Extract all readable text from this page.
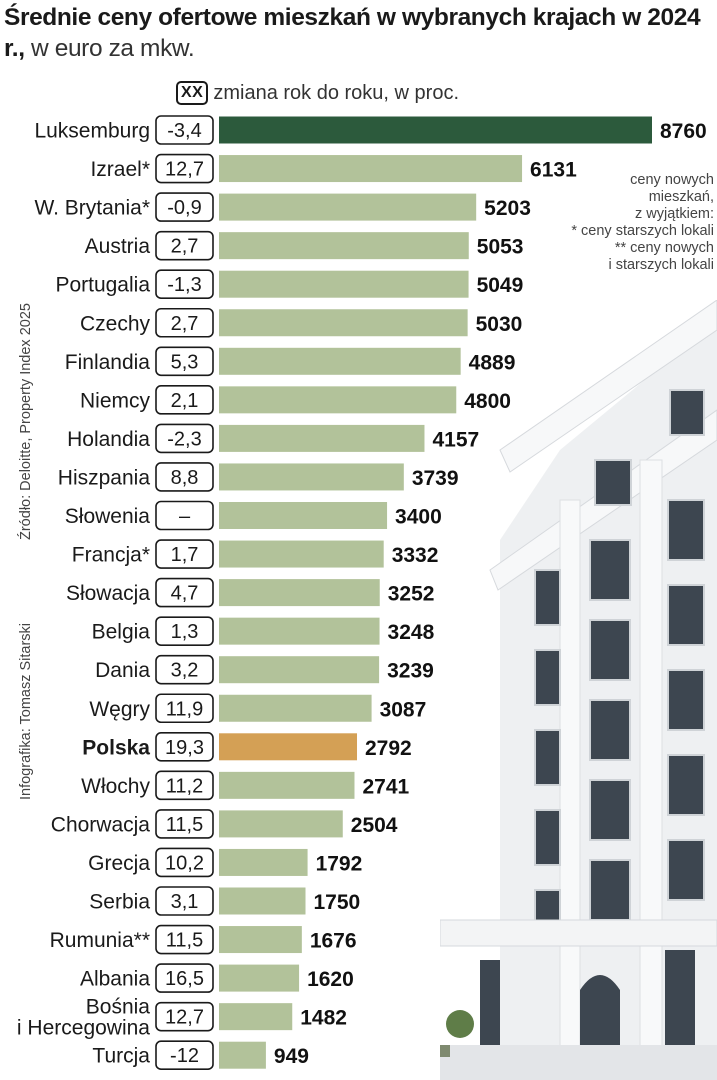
Średnie ceny ofertowe mieszkań w wybranych krajach w 2024 r., w euro za mkw.
XX zmiana rok do roku, w proc.
Luksemburg -3,4	8760
Izrael* 12,7	6131
W. Brytania* -0,9	5203
Austria 2,7	5053
Portugalia -1,3	5049
Czechy 2,7	5030
Finlandia 5,3	4889
Niemcy 2,1	4800
Holandia -2,3	4157
Hiszpania 8,8	3739
Słowenia –	3400
Francja* 1,7	3332
Słowacja 4,7	3252
Belgia 1,3	3248
Dania 3,2	3239
Węgry 11,9	3087
Polska 19,3	2792
Włochy 11,2	2741
Chorwacja 11,5	2504
Grecja 10,2	1792
Serbia 3,1	1750
Rumunia** 11,5	1676
Albania 16,5	1620
Bośnia i Hercegowina 12,7	1482
Turcja -12	949
ceny nowych
mieszkań,
z wyjątkiem:
* ceny starszych lokali
** ceny nowych
i starszych lokali
Źródło: Deloitte, Property Index 2025
Infografika: Tomasz Sitarski
